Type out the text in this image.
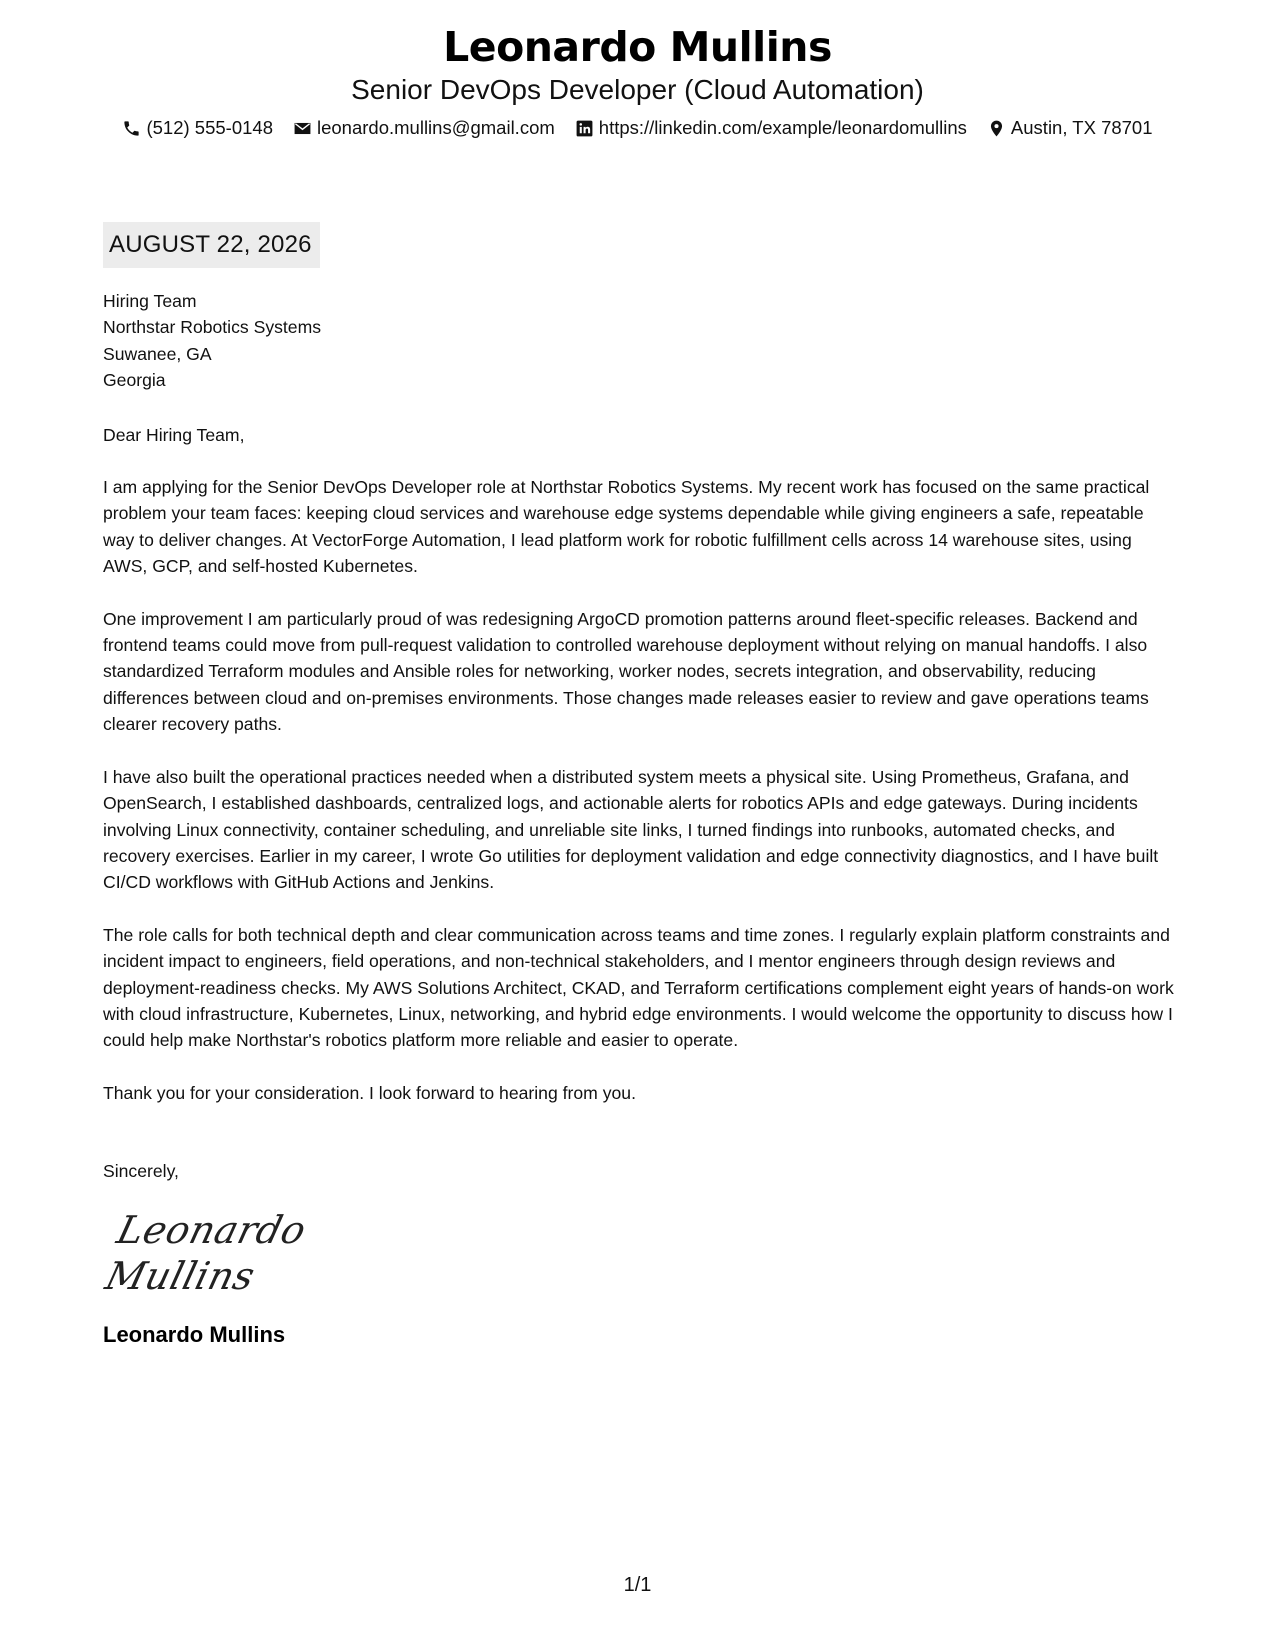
Leonardo Mullins
Senior DevOps Developer (Cloud Automation)
(512) 555-0148 leonardo.mullins@gmail.com https://linkedin.com/example/leonardomullins Austin, TX 78701
AUGUST 22, 2026
Hiring Team
Northstar Robotics Systems
Suwanee, GA
Georgia
Dear Hiring Team,

I am applying for the Senior DevOps Developer role at Northstar Robotics Systems. My recent work has focused on the same practical problem your team faces: keeping cloud services and warehouse edge systems dependable while giving engineers a safe, repeatable way to deliver changes. At VectorForge Automation, I lead platform work for robotic fulfillment cells across 14 warehouse sites, using AWS, GCP, and self-hosted Kubernetes.

One improvement I am particularly proud of was redesigning ArgoCD promotion patterns around fleet-specific releases. Backend and frontend teams could move from pull-request validation to controlled warehouse deployment without relying on manual handoffs. I also standardized Terraform modules and Ansible roles for networking, worker nodes, secrets integration, and observability, reducing differences between cloud and on-premises environments. Those changes made releases easier to review and gave operations teams clearer recovery paths.

I have also built the operational practices needed when a distributed system meets a physical site. Using Prometheus, Grafana, and OpenSearch, I established dashboards, centralized logs, and actionable alerts for robotics APIs and edge gateways. During incidents involving Linux connectivity, container scheduling, and unreliable site links, I turned findings into runbooks, automated checks, and recovery exercises. Earlier in my career, I wrote Go utilities for deployment validation and edge connectivity diagnostics, and I have built CI/CD workflows with GitHub Actions and Jenkins.

The role calls for both technical depth and clear communication across teams and time zones. I regularly explain platform constraints and incident impact to engineers, field operations, and non-technical stakeholders, and I mentor engineers through design reviews and deployment-readiness checks. My AWS Solutions Architect, CKAD, and Terraform certifications complement eight years of hands-on work with cloud infrastructure, Kubernetes, Linux, networking, and hybrid edge environments. I would welcome the opportunity to discuss how I could help make Northstar's robotics platform more reliable and easier to operate.

Thank you for your consideration. I look forward to hearing from you.
Sincerely,
Leonardo Mullins
Leonardo Mullins
1/1
